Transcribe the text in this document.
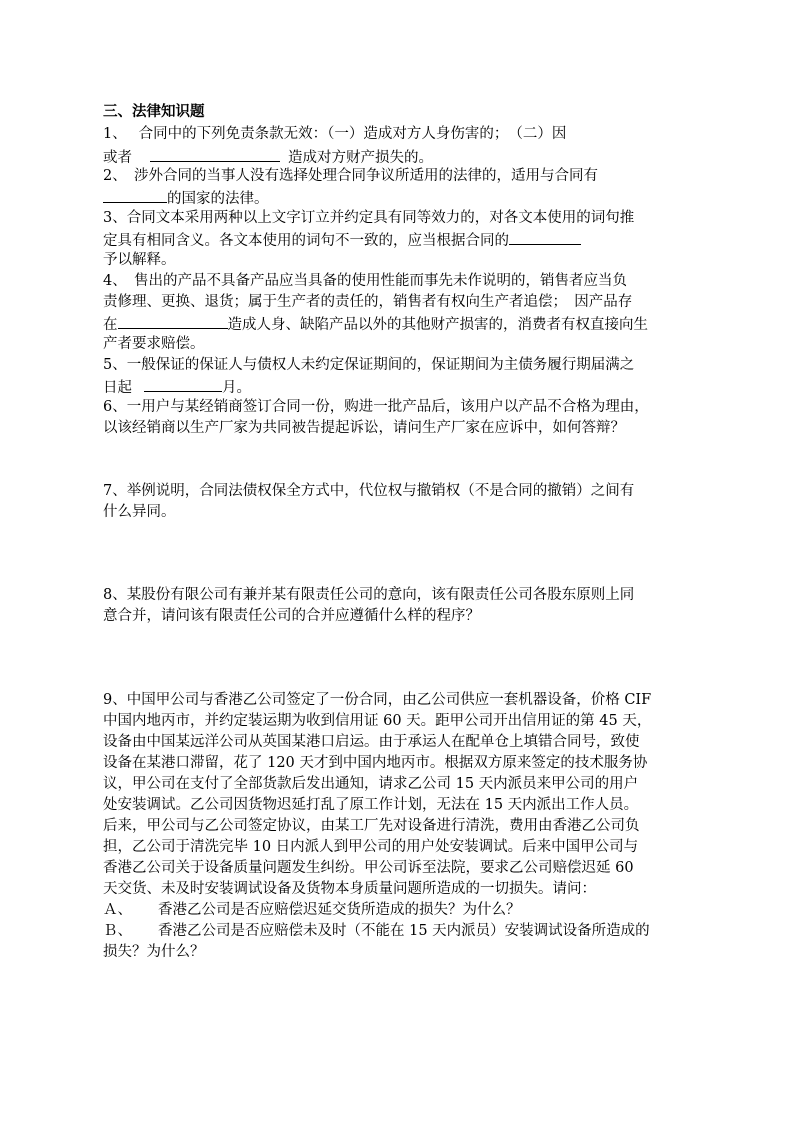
三、法律知识题
1、　 合同中的下列免责条款无效：（一）造成对方人身伤害的；　（二）因
或者	造成对方财产损失的。
2、　涉外合同的当事人没有选择处理合同争议所适用的法律的，适用与合同有
的国家的法律。
3、合同文本采用两种以上文字订立并约定具有同等效力的，对各文本使用的词句推
定具有相同含义。各文本使用的词句不一致的，应当根据合同的
予以解释。
4、　售出的产品不具备产品应当具备的使用性能而事先未作说明的，销售者应当负
责修理、更换、退货；属于生产者的责任的，销售者有权向生产者追偿；　因产品存
在	造成人身、缺陷产品以外的其他财产损害的，消费者有权直接向生
产者要求赔偿。
5、一般保证的保证人与债权人未约定保证期间的，保证期间为主债务履行期届满之
日起	月。
6、一用户与某经销商签订合同一份，购进一批产品后，该用户以产品不合格为理由，
以该经销商以生产厂家为共同被告提起诉讼，请问生产厂家在应诉中，如何答辩？
7、举例说明，合同法债权保全方式中，代位权与撤销权（不是合同的撤销）之间有
什么异同。
8、某股份有限公司有兼并某有限责任公司的意向，该有限责任公司各股东原则上同
意合并，请问该有限责任公司的合并应遵循什么样的程序？
9、中国甲公司与香港乙公司签定了一份合同，由乙公司供应一套机器设备，价格 CIF
中国内地丙市，并约定装运期为收到信用证 60 天。距甲公司开出信用证的第 45 天，
设备由中国某远洋公司从英国某港口启运。由于承运人在配单仓上填错合同号，致使
设备在某港口滞留，花了 120 天才到中国内地丙市。根据双方原来签定的技术服务协
议，甲公司在支付了全部货款后发出通知，请求乙公司 15 天内派员来甲公司的用户
处安装调试。乙公司因货物迟延打乱了原工作计划，无法在 15 天内派出工作人员。
后来，甲公司与乙公司签定协议，由某工厂先对设备进行清洗，费用由香港乙公司负
担，乙公司于清洗完毕 10 日内派人到甲公司的用户处安装调试。后来中国甲公司与
香港乙公司关于设备质量问题发生纠纷。甲公司诉至法院，要求乙公司赔偿迟延 60
天交货、未及时安装调试设备及货物本身质量问题所造成的一切损失。请问：
Ａ、 香港乙公司是否应赔偿迟延交货所造成的损失？为什么？
Ｂ、 香港乙公司是否应赔偿未及时（不能在 15 天内派员）安装调试设备所造成的
损失？为什么？
